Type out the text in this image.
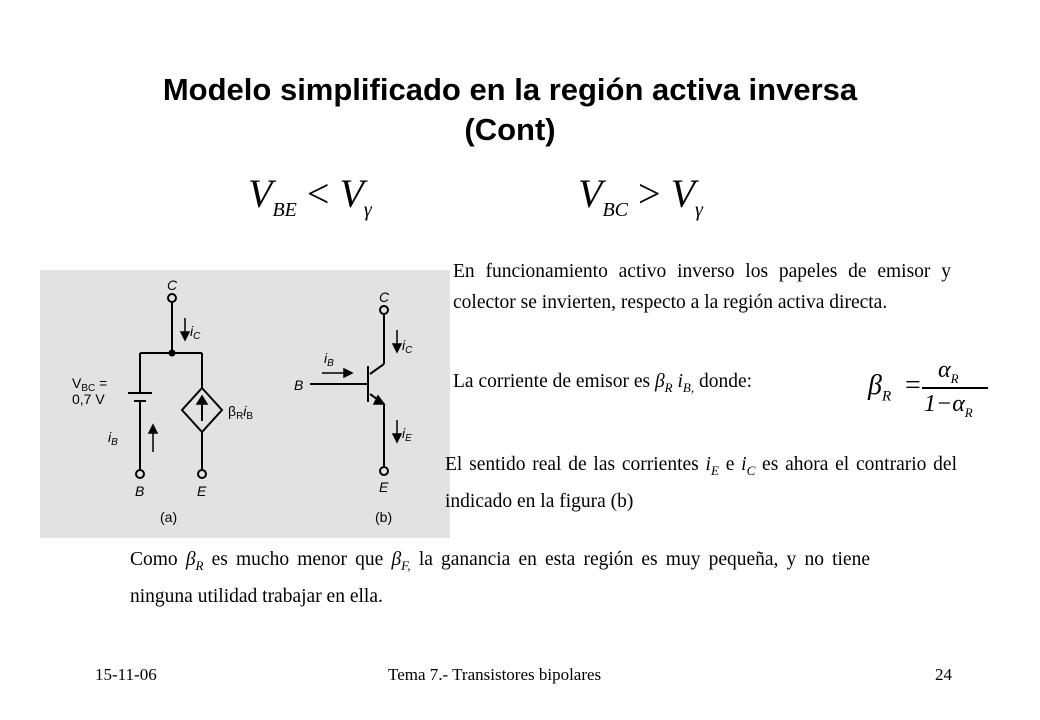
Modelo simplificado en la región activa inversa
(Cont)
$V_{BE} < V_\gamma$	$V_{BC} > V_\gamma$
C
$i_C$
$V_{BC}$ =
0,7 V
$\beta_Ri_B$
$i_B$
B	E
(a)
C
$i_C$
$i_B$
B
$i_E$
E
(b)
En funcionamiento activo inverso los papeles de emisor y colector se invierten, respecto a la región activa directa.
La corriente de emisor es $\beta_R$ $i_{B,}$ donde:	$\beta_R = \alpha_R$
$1-\alpha_R$
El sentido real de las corrientes $i_E$ e $i_C$ es ahora el contrario del indicado en la figura (b)
Como $\beta_R$ es mucho menor que $\beta_{F,}$ la ganancia en esta región es muy pequeña, y no tiene ninguna utilidad trabajar en ella.
15-11-06	Tema 7.- Transistores bipolares	24
